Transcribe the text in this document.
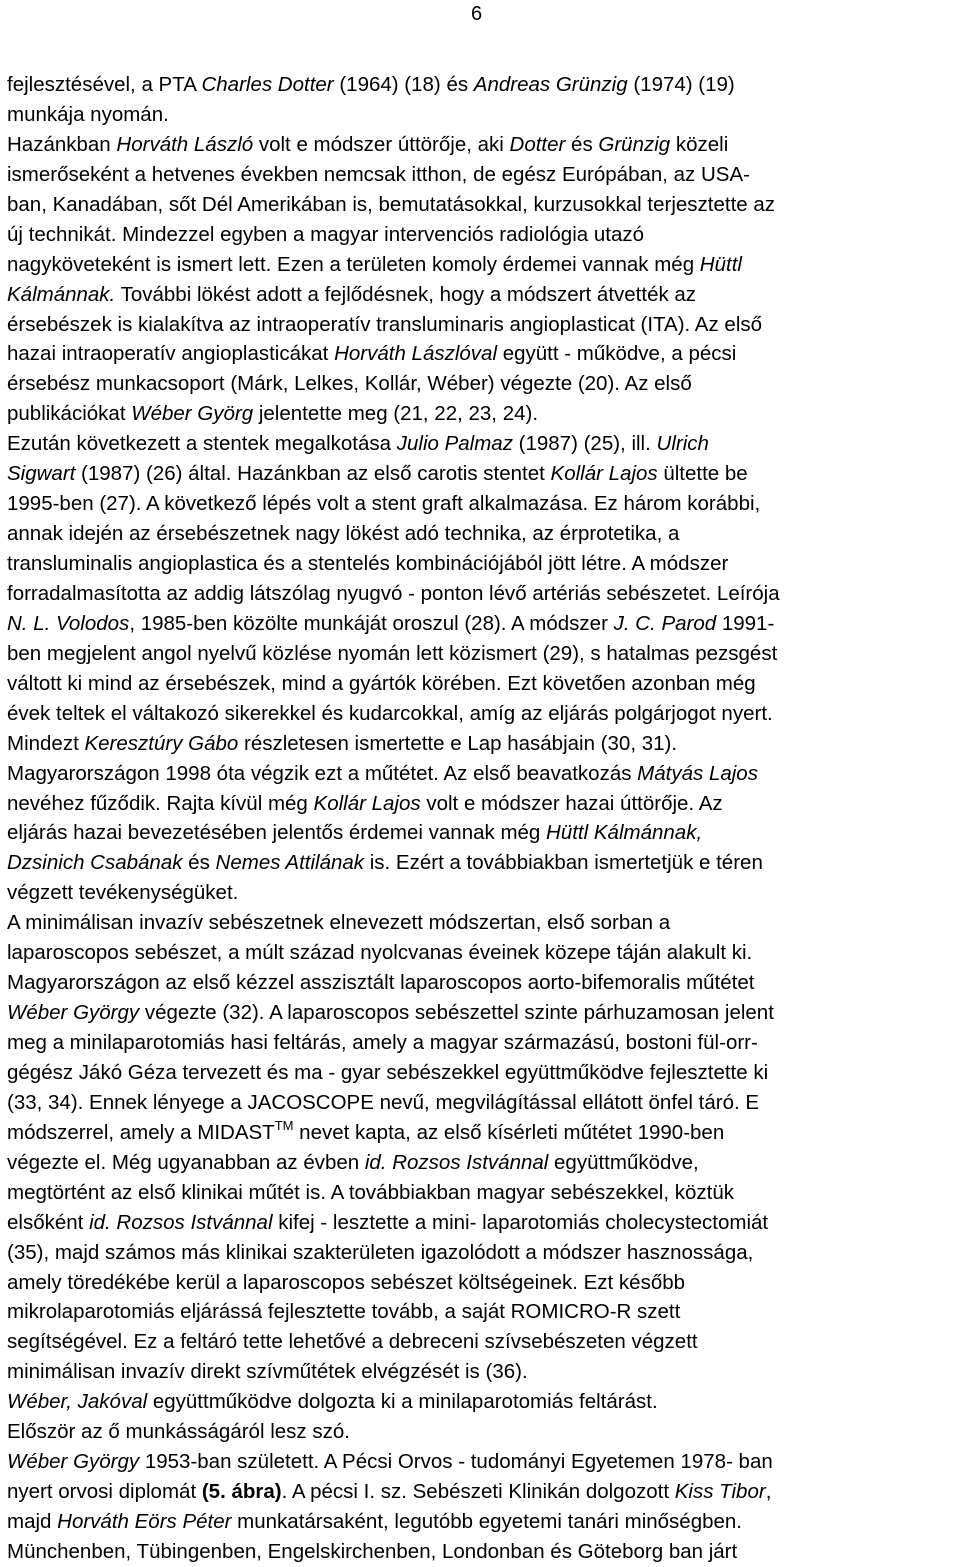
6
fejlesztésével, a PTA Charles Dotter (1964) (18) és Andreas Grünzig (1974) (19)
munkája nyomán.
Hazánkban Horváth László volt e módszer úttörője, aki Dotter és Grünzig közeli
ismerőseként a hetvenes években nemcsak itthon, de egész Európában, az USA-
ban, Kanadában, sőt Dél Amerikában is, bemutatásokkal, kurzusokkal terjesztette az
új technikát. Mindezzel egyben a magyar intervenciós radiológia utazó
nagyköveteként is ismert lett. Ezen a területen komoly érdemei vannak még Hüttl
Kálmánnak. További lökést adott a fejlődésnek, hogy a módszert átvették az
érsebészek is kialakítva az intraoperatív transluminaris angioplasticat (ITA). Az első
hazai intraoperatív angioplasticákat Horváth Lászlóval együtt - működve, a pécsi
érsebész munkacsoport (Márk, Lelkes, Kollár, Wéber) végezte (20). Az első
publikációkat Wéber Györg jelentette meg (21, 22, 23, 24).
Ezután következett a stentek megalkotása Julio Palmaz (1987) (25), ill. Ulrich
Sigwart (1987) (26) által. Hazánkban az első carotis stentet Kollár Lajos ültette be
1995-ben (27). A következő lépés volt a stent graft alkalmazása. Ez három korábbi,
annak idején az érsebészetnek nagy lökést adó technika, az érprotetika, a
transluminalis angioplastica és a stentelés kombinációjából jött létre. A módszer
forradalmasította az addig látszólag nyugvó - ponton lévő artériás sebészetet. Leírója
N. L. Volodos, 1985-ben közölte munkáját oroszul (28). A módszer J. C. Parod 1991-
ben megjelent angol nyelvű közlése nyomán lett közismert (29), s hatalmas pezsgést
váltott ki mind az érsebészek, mind a gyártók körében. Ezt követően azonban még
évek teltek el váltakozó sikerekkel és kudarcokkal, amíg az eljárás polgárjogot nyert.
Mindezt Keresztúry Gábo részletesen ismertette e Lap hasábjain (30, 31).
Magyarországon 1998 óta végzik ezt a műtétet. Az első beavatkozás Mátyás Lajos
nevéhez fűződik. Rajta kívül még Kollár Lajos volt e módszer hazai úttörője. Az
eljárás hazai bevezetésében jelentős érdemei vannak még Hüttl Kálmánnak,
Dzsinich Csabának és Nemes Attilának is. Ezért a továbbiakban ismertetjük e téren
végzett tevékenységüket.
A minimálisan invazív sebészetnek elnevezett módszertan, első sorban a
laparoscopos sebészet, a múlt század nyolcvanas éveinek közepe táján alakult ki.
Magyarországon az első kézzel asszisztált laparoscopos aorto-bifemoralis műtétet
Wéber György végezte (32). A laparoscopos sebészettel szinte párhuzamosan jelent
meg a minilaparotomiás hasi feltárás, amely a magyar származású, bostoni fül-orr-
gégész Jákó Géza tervezett és ma - gyar sebészekkel együttműködve fejlesztette ki
(33, 34). Ennek lényege a JACOSCOPE nevű, megvilágítással ellátott önfel táró. E
módszerrel, amely a MIDAST™ nevet kapta, az első kísérleti műtétet 1990-ben
végezte el. Még ugyanabban az évben id. Rozsos Istvánnal együttműködve,
megtörtént az első klinikai műtét is. A továbbiakban magyar sebészekkel, köztük
elsőként id. Rozsos Istvánnal kifej - lesztette a mini- laparotomiás cholecystectomiát
(35), majd számos más klinikai szakterületen igazolódott a módszer hasznossága,
amely töredékébe kerül a laparoscopos sebészet költségeinek. Ezt később
mikrolaparotomiás eljárássá fejlesztette tovább, a saját ROMICRO-R szett
segítségével. Ez a feltáró tette lehetővé a debreceni szívsebészeten végzett
minimálisan invazív direkt szívműtétek elvégzését is (36).
Wéber, Jakóval együttműködve dolgozta ki a minilaparotomiás feltárást.
Először az ő munkásságáról lesz szó.
Wéber György 1953-ban született. A Pécsi Orvos - tudományi Egyetemen 1978- ban
nyert orvosi diplomát (5. ábra). A pécsi I. sz. Sebészeti Klinikán dolgozott Kiss Tibor,
majd Horváth Eörs Péter munkatársaként, legutóbb egyetemi tanári minőségben.
Münchenben, Tübingenben, Engelskirchenben, Londonban és Göteborg ban járt
